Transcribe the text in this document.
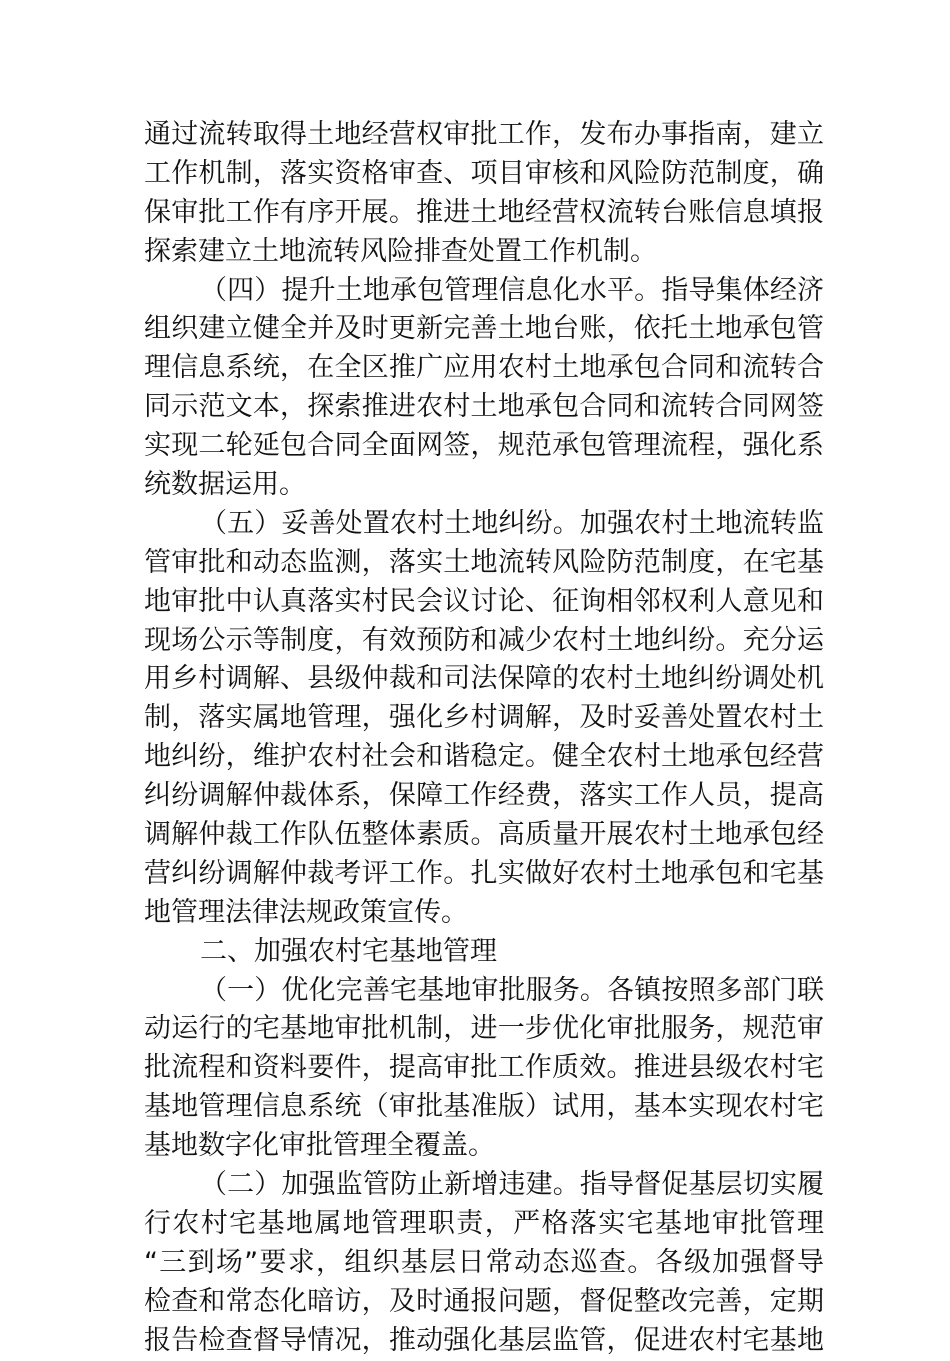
通过流转取得土地经营权审批工作，发布办事指南，建立
工作机制，落实资格审查、项目审核和风险防范制度，确
保审批工作有序开展。推进土地经营权流转台账信息填报
探索建立土地流转风险排查处置工作机制。
（四）提升土地承包管理信息化水平。指导集体经济
组织建立健全并及时更新完善土地台账，依托土地承包管
理信息系统，在全区推广应用农村土地承包合同和流转合
同示范文本，探索推进农村土地承包合同和流转合同网签
实现二轮延包合同全面网签，规范承包管理流程，强化系
统数据运用。
（五）妥善处置农村土地纠纷。加强农村土地流转监
管审批和动态监测，落实土地流转风险防范制度，在宅基
地审批中认真落实村民会议讨论、征询相邻权利人意见和
现场公示等制度，有效预防和减少农村土地纠纷。充分运
用乡村调解、县级仲裁和司法保障的农村土地纠纷调处机
制，落实属地管理，强化乡村调解，及时妥善处置农村土
地纠纷，维护农村社会和谐稳定。健全农村土地承包经营
纠纷调解仲裁体系，保障工作经费，落实工作人员，提高
调解仲裁工作队伍整体素质。高质量开展农村土地承包经
营纠纷调解仲裁考评工作。扎实做好农村土地承包和宅基
地管理法律法规政策宣传。
二、加强农村宅基地管理
（一）优化完善宅基地审批服务。各镇按照多部门联
动运行的宅基地审批机制，进一步优化审批服务，规范审
批流程和资料要件，提高审批工作质效。推进县级农村宅
基地管理信息系统（审批基准版）试用，基本实现农村宅
基地数字化审批管理全覆盖。
（二）加强监管防止新增违建。指导督促基层切实履
行农村宅基地属地管理职责，严格落实宅基地审批管理
“三到场”要求，组织基层日常动态巡查。各级加强督导
检查和常态化暗访，及时通报问题，督促整改完善，定期
报告检查督导情况，推动强化基层监管，促进农村宅基地
